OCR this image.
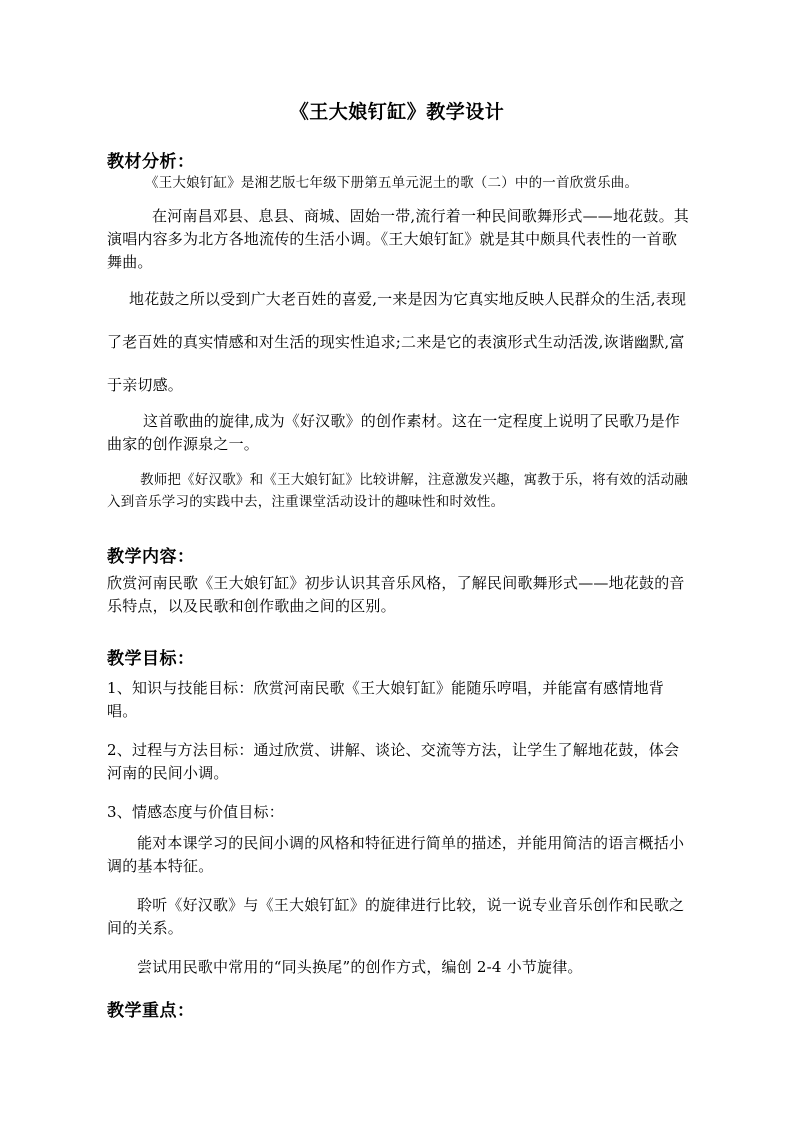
《王大娘钉缸》教学设计
教材分析：
《王大娘钉缸》是湘艺版七年级下册第五单元泥土的歌（二）中的一首欣赏乐曲。
在河南昌邓县、息县、商城、固始一带,流行着一种民间歌舞形式——地花鼓。其演唱内容多为北方各地流传的生活小调。《王大娘钉缸》就是其中颇具代表性的一首歌舞曲。
地花鼓之所以受到广大老百姓的喜爱,一来是因为它真实地反映人民群众的生活,表现了老百姓的真实情感和对生活的现实性追求;二来是它的表演形式生动活泼,诙谐幽默,富于亲切感。
这首歌曲的旋律,成为《好汉歌》的创作素材。这在一定程度上说明了民歌乃是作曲家的创作源泉之一。
教师把《好汉歌》和《王大娘钉缸》比较讲解，注意激发兴趣，寓教于乐，将有效的活动融入到音乐学习的实践中去，注重课堂活动设计的趣味性和时效性。
教学内容：
欣赏河南民歌《王大娘钉缸》初步认识其音乐风格，了解民间歌舞形式——地花鼓的音乐特点，以及民歌和创作歌曲之间的区别。
教学目标：
1、知识与技能目标：欣赏河南民歌《王大娘钉缸》能随乐哼唱，并能富有感情地背唱。
2、过程与方法目标：通过欣赏、讲解、谈论、交流等方法，让学生了解地花鼓，体会河南的民间小调。
3、情感态度与价值目标：
能对本课学习的民间小调的风格和特征进行简单的描述，并能用简洁的语言概括小调的基本特征。
聆听《好汉歌》与《王大娘钉缸》的旋律进行比较，说一说专业音乐创作和民歌之间的关系。
尝试用民歌中常用的“同头换尾”的创作方式，编创 2-4 小节旋律。
教学重点：
